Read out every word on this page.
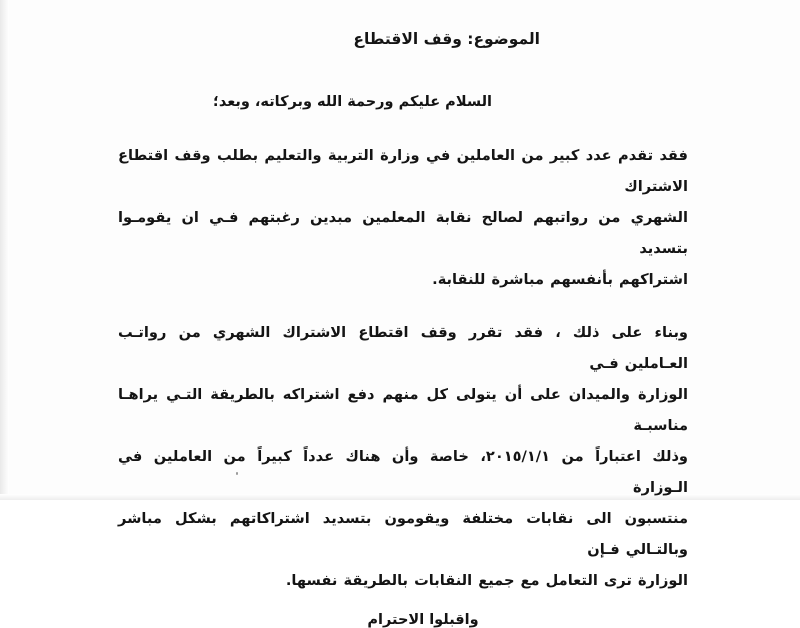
الموضوع: وقف الاقتطاع
السلام عليكم ورحمة الله وبركاته، وبعد؛
فقد تقدم عدد كبير من العاملين في وزارة التربية والتعليم بطلب وقف اقتطاع الاشتراك
الشهري من رواتبهم لصالح نقابة المعلمين مبدين رغبتهم فـي ان يقومـوا بتسديد
اشتراكهم بأنفسهم مباشرة للنقابة.
وبناء على ذلك ، فقد تقرر وقف اقتطاع الاشتراك الشهري من رواتـب العـاملين فـي
الوزارة والميدان على أن يتولى كل منهم دفع اشتراكه بالطريقة التـي يراهـا مناسبـة
وذلك اعتباراً من ٢٠١٥/١/١، خاصة وأن هناك عدداً كبيراً من العاملين في الـوزارة
منتسبون الى نقابات مختلفة ويقومون بتسديد اشتراكاتهم بشكل مباشر وبالتـالي فـإن
الوزارة ترى التعامل مع جميع النقابات بالطريقة نفسها.
واقبلوا الاحترام
